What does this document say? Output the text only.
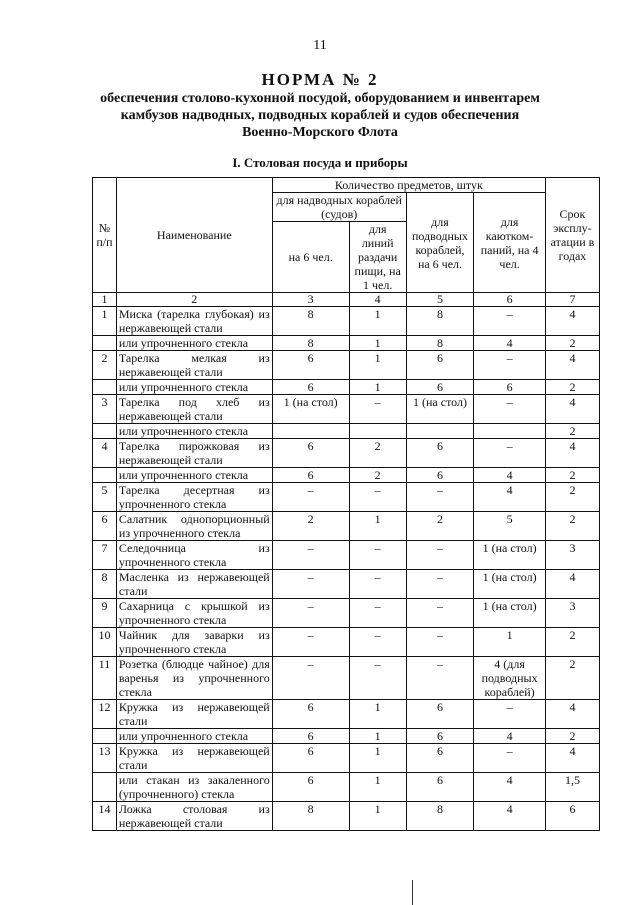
11
НОРМА № 2
обеспечения столово-кухонной посудой, оборудованием и инвентарем
камбузов надводных, подводных кораблей и судов обеспечения
Военно-Морского Флота
I. Столовая посуда и приборы
№ п/п	Наименование	Количество предметов, штук				Срок эксплуатации в годах
		для надводных кораблей (судов)		для подводных кораблей, на 6 чел.	для каюткомпаний, на 4 чел.	
		на 6 чел.	для линий раздачи пищи, на 1 чел.			
1	2	3	4	5	6	7
1	Миска (тарелка глубокая) из нержавеющей стали	8	1	8	–	4
	или упрочненного стекла	8	1	8	4	2
2	Тарелка мелкая из нержавеющей стали	6	1	6	–	4
	или упрочненного стекла	6	1	6	6	2
3	Тарелка под хлеб из нержавеющей стали	1 (на стол)	–	1 (на стол)	–	4
	или упрочненного стекла					2
4	Тарелка пирожковая из нержавеющей стали	6	2	6	–	4
	или упрочненного стекла	6	2	6	4	2
5	Тарелка десертная из упрочненного стекла	–	–	–	4	2
6	Салатник однопорционный из упрочненного стекла	2	1	2	5	2
7	Селедочница из упрочненного стекла	–	–	–	1 (на стол)	3
8	Масленка из нержавеющей стали	–	–	–	1 (на стол)	4
9	Сахарница с крышкой из упрочненного стекла	–	–	–	1 (на стол)	3
10	Чайник для заварки из упрочненного стекла	–	–	–	1	2
11	Розетка (блюдце чайное) для варенья из упрочненного стекла	–	–	–	4 (для подводных кораблей)	2
12	Кружка из нержавеющей стали	6	1	6	–	4
	или упрочненного стекла	6	1	6	4	2
13	Кружка из нержавеющей стали	6	1	6	–	4
	или стакан из закаленного (упрочненного) стекла	6	1	6	4	1,5
14	Ложка столовая из нержавеющей стали	8	1	8	4	6
